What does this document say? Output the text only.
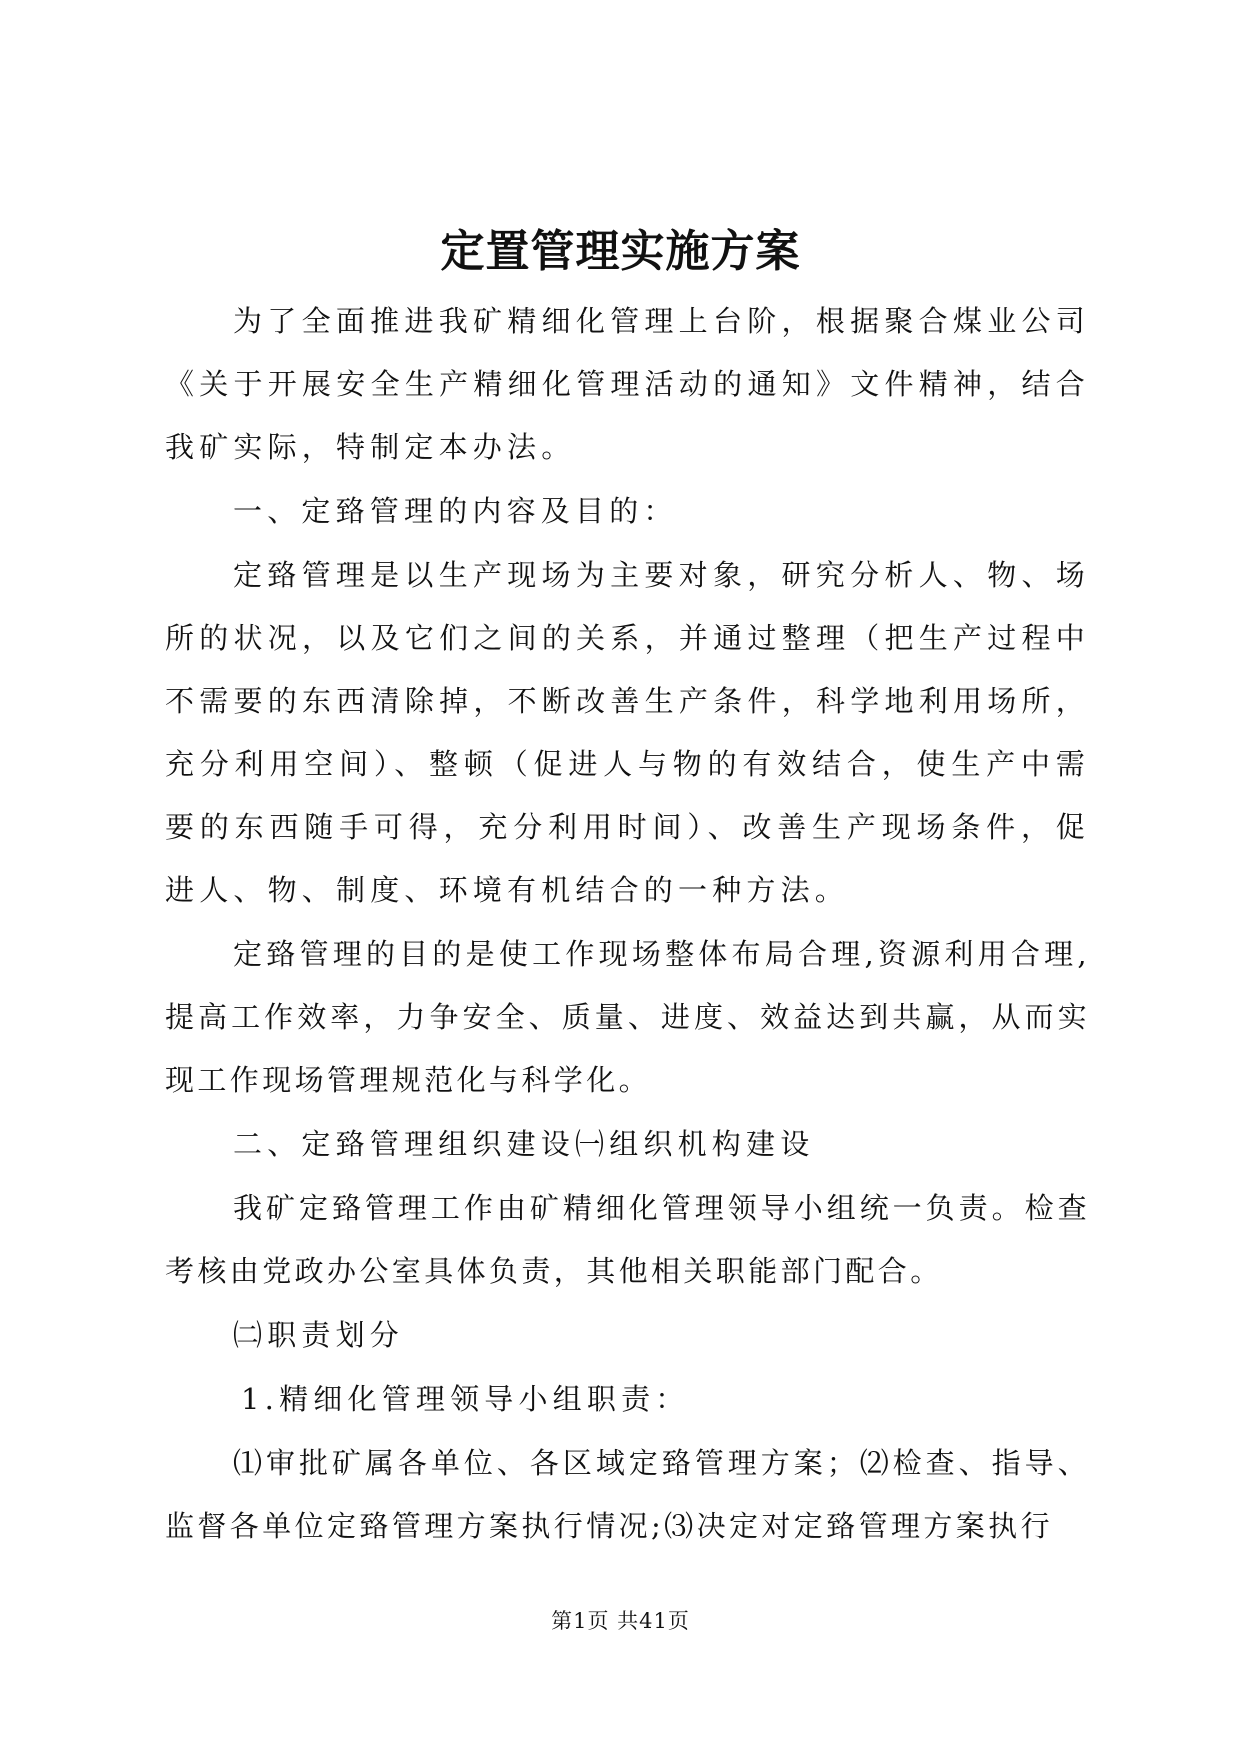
定置管理实施方案

为了全面推进我矿精细化管理上台阶，根据聚合煤业公司《关于开展安全生产精细化管理活动的通知》文件精神，结合我矿实际，特制定本办法。

一、定臵管理的内容及目的：

定臵管理是以生产现场为主要对象，研究分析人、物、场所的状况，以及它们之间的关系，并通过整理（把生产过程中不需要的东西清除掉，不断改善生产条件，科学地利用场所，充分利用空间）、整顿（促进人与物的有效结合，使生产中需要的东西随手可得，充分利用时间）、改善生产现场条件，促进人、物、制度、环境有机结合的一种方法。

定臵管理的目的是使工作现场整体布局合理,资源利用合理,提高工作效率，力争安全、质量、进度、效益达到共赢，从而实现工作现场管理规范化与科学化。

二、定臵管理组织建设㈠组织机构建设

我矿定臵管理工作由矿精细化管理领导小组统一负责。检查考核由党政办公室具体负责，其他相关职能部门配合。

㈡职责划分

1.精细化管理领导小组职责：

⑴审批矿属各单位、各区域定臵管理方案；⑵检查、指导、监督各单位定臵管理方案执行情况;⑶决定对定臵管理方案执行

第1页 共41页
